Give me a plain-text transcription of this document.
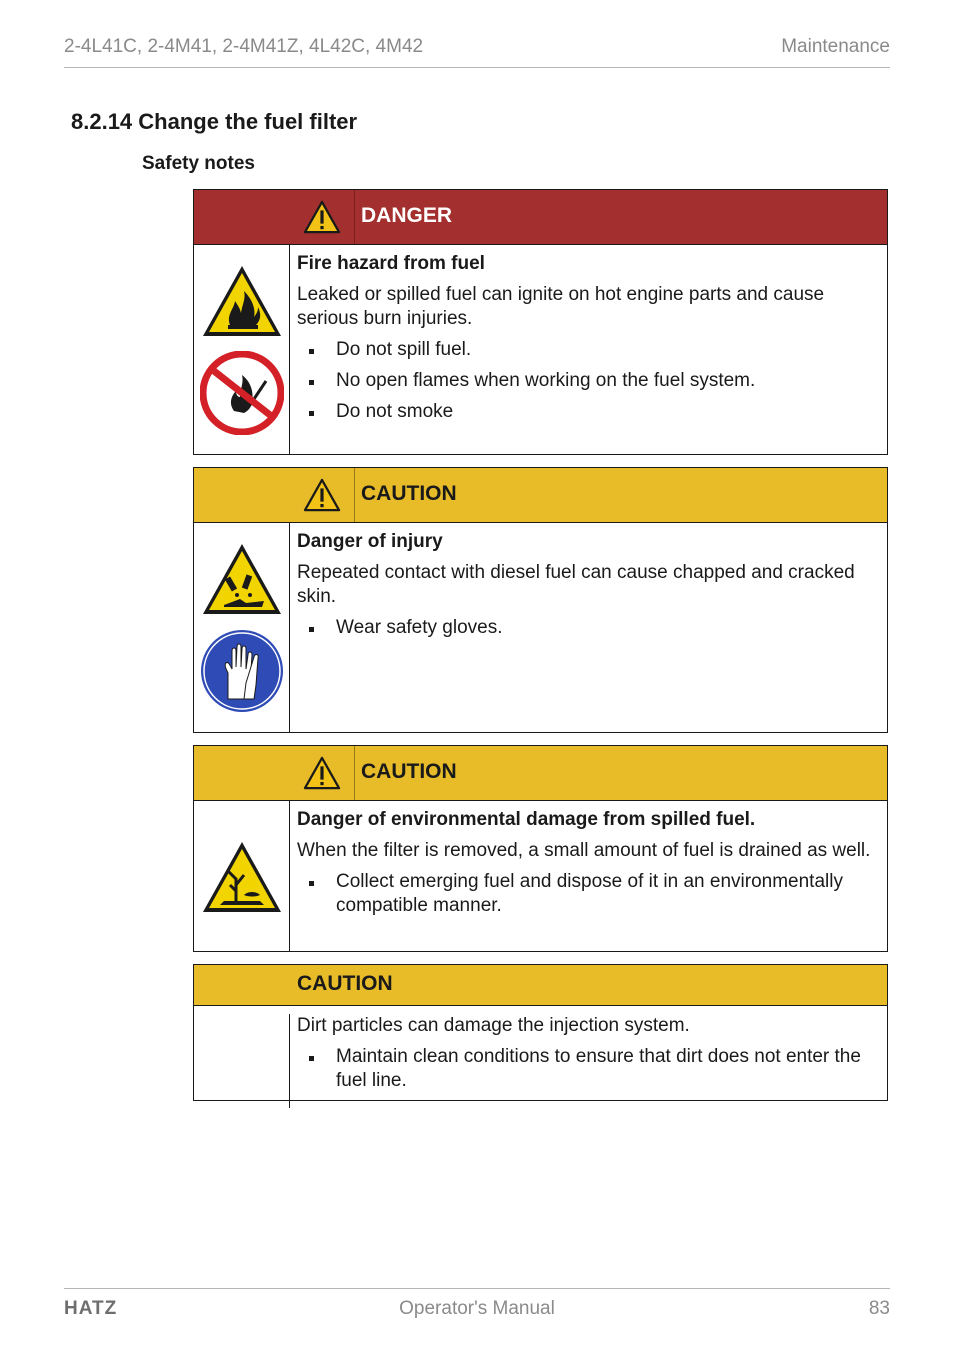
2-4L41C, 2-4M41, 2-4M41Z, 4L42C, 4M42	Maintenance
8.2.14 Change the fuel filter
Safety notes
DANGER
Fire hazard from fuel
Leaked or spilled fuel can ignite on hot engine parts and cause serious burn injuries.
Do not spill fuel.
No open flames when working on the fuel system.
Do not smoke
CAUTION
Danger of injury
Repeated contact with diesel fuel can cause chapped and cracked skin.
Wear safety gloves.
CAUTION
Danger of environmental damage from spilled fuel.
When the filter is removed, a small amount of fuel is drained as well.
Collect emerging fuel and dispose of it in an environmentally compatible manner.
CAUTION
Dirt particles can damage the injection system.
Maintain clean conditions to ensure that dirt does not enter the fuel line.
HATZ	Operator's Manual	83
